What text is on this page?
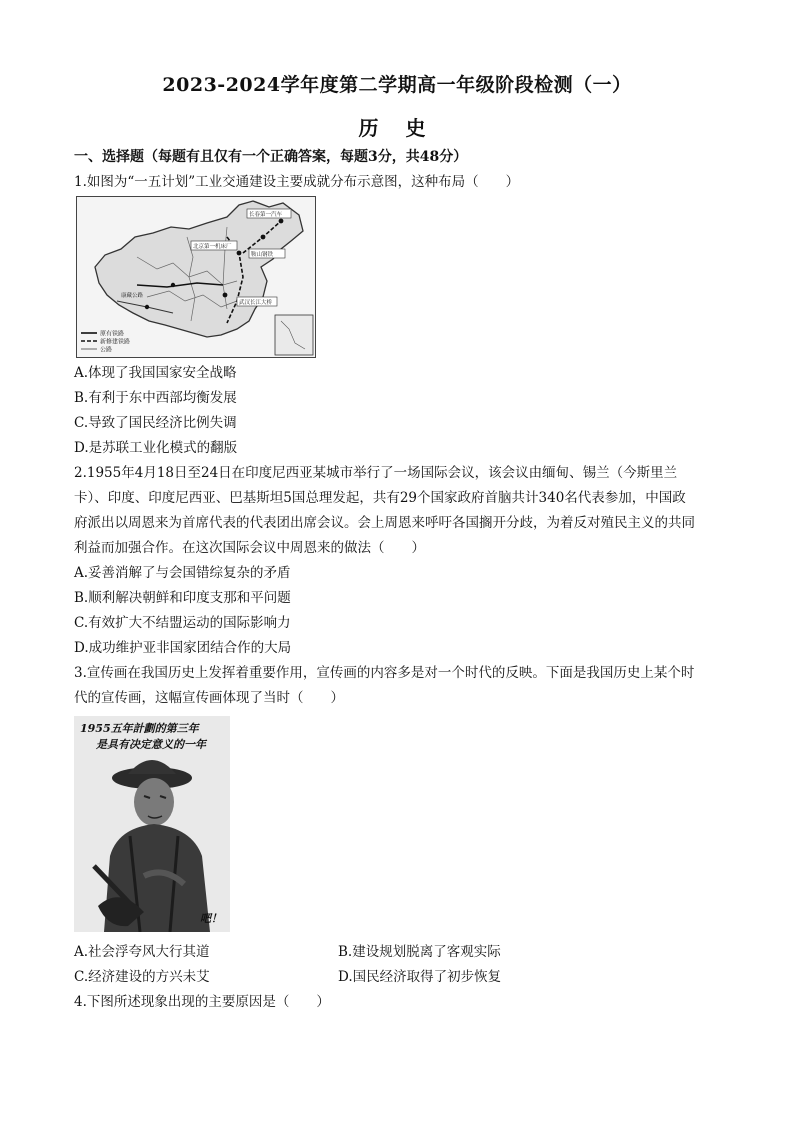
2023-2024学年度第二学期高一年级阶段检测（一）
历 史
一、选择题（每题有且仅有一个正确答案，每题3分，共48分）
1.如图为“一五计划”工业交通建设主要成就分布示意图，这种布局（　　）
原有铁路
新修建铁路
公路
北京第一机床厂
长春第一汽车
鞍山钢铁
武汉长江大桥
康藏公路
A.体现了我国国家安全战略
B.有利于东中西部均衡发展
C.导致了国民经济比例失调
D.是苏联工业化模式的翻版
2.1955年4月18日至24日在印度尼西亚某城市举行了一场国际会议，该会议由缅甸、锡兰（今斯里兰
卡）、印度、印度尼西亚、巴基斯坦5国总理发起，共有29个国家政府首脑共计340名代表参加，中国政
府派出以周恩来为首席代表的代表团出席会议。会上周恩来呼吁各国搁开分歧，为着反对殖民主义的共同
利益而加强合作。在这次国际会议中周恩来的做法（　　）
A.妥善消解了与会国错综复杂的矛盾
B.顺利解决朝鲜和印度支那和平问题
C.有效扩大不结盟运动的国际影响力
D.成功维护亚非国家团结合作的大局
3.宣传画在我国历史上发挥着重要作用，宣传画的内容多是对一个时代的反映。下面是我国历史上某个时
代的宣传画，这幅宣传画体现了当时（　　）
1955五年計劃的第三年
是具有决定意义的一年
吧！
A.社会浮夸风大行其道	B.建设规划脱离了客观实际
C.经济建设的方兴未艾	D.国民经济取得了初步恢复
4.下图所述现象出现的主要原因是（　　）
